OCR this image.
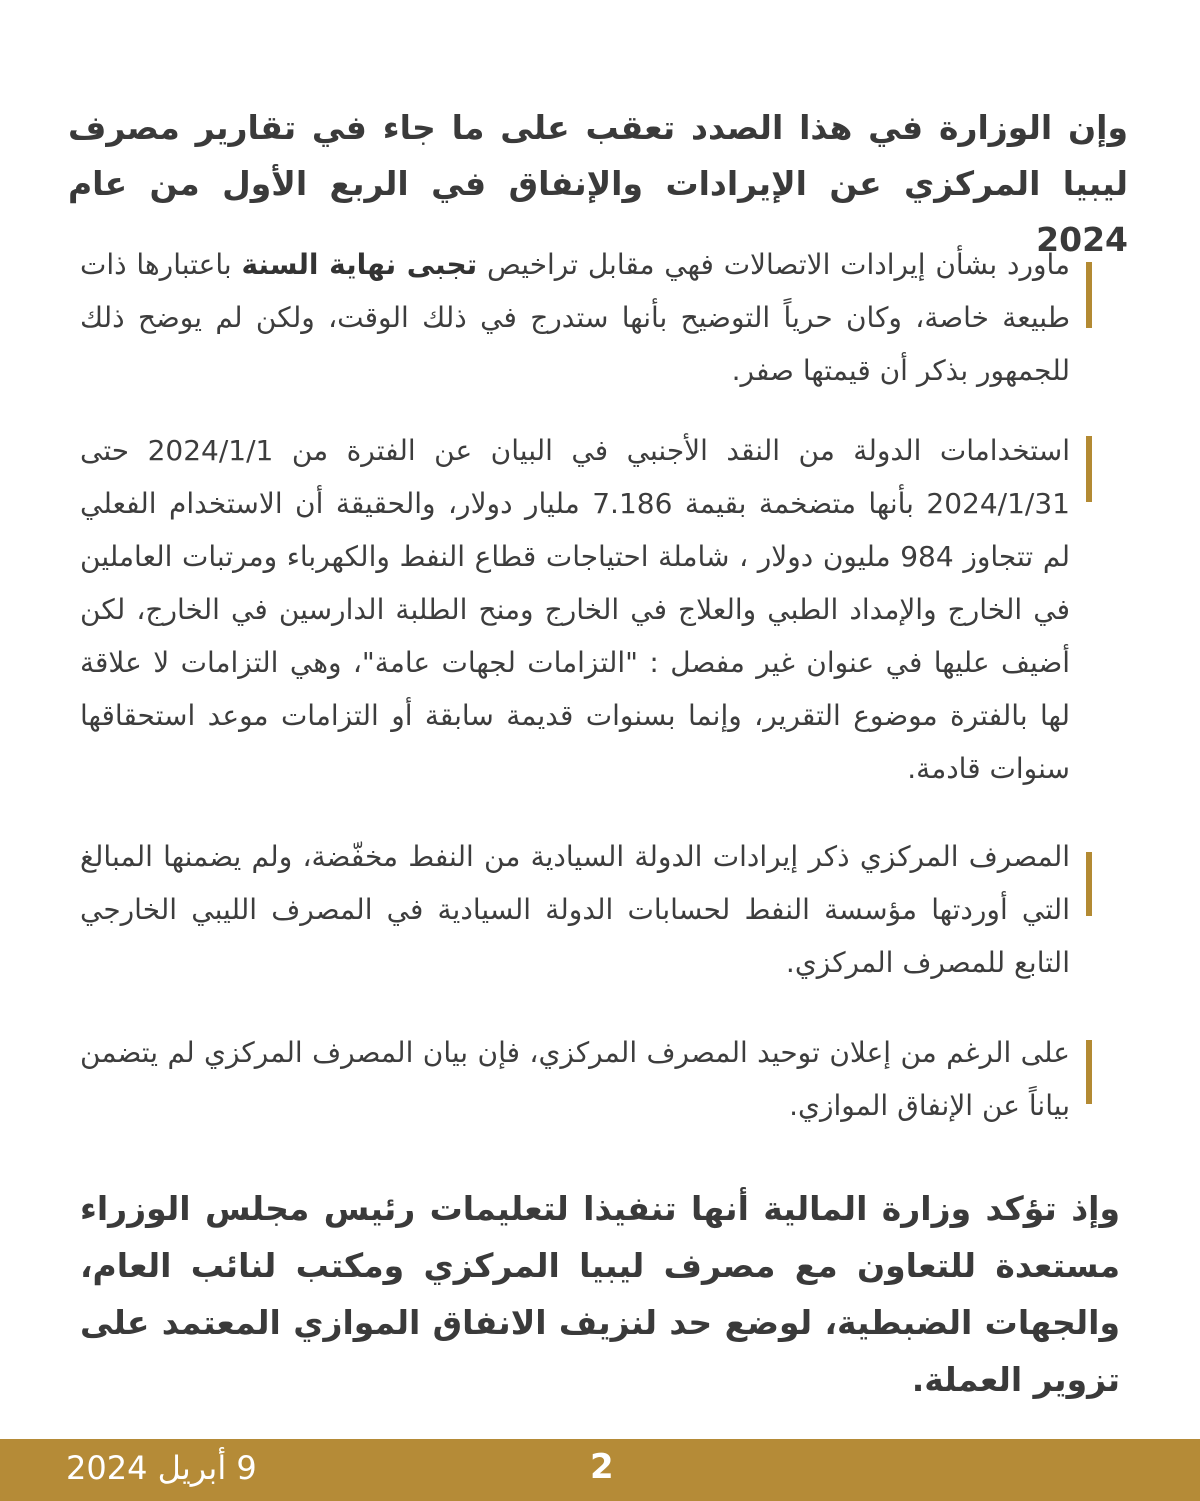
وإن الوزارة في هذا الصدد تعقب على ما جاء في تقارير مصرف ليبيا المركزي عن الإيرادات والإنفاق في الربع الأول من عام 2024
ماورد بشأن إيرادات الاتصالات فهي مقابل تراخيص تجبى نهاية السنة باعتبارها ذات طبيعة خاصة، وكان حرياً التوضيح بأنها ستدرج في ذلك الوقت، ولكن لم يوضح ذلك للجمهور بذكر أن قيمتها صفر.
استخدامات الدولة من النقد الأجنبي في البيان عن الفترة من 2024/1/1 حتى 2024/1/31 بأنها متضخمة بقيمة 7.186 مليار دولار، والحقيقة أن الاستخدام الفعلي لم تتجاوز 984 مليون دولار ، شاملة احتياجات قطاع النفط والكهرباء ومرتبات العاملين في الخارج والإمداد الطبي والعلاج في الخارج ومنح الطلبة الدارسين في الخارج، لكن أضيف عليها في عنوان غير مفصل : "التزامات لجهات عامة"، وهي التزامات لا علاقة لها بالفترة موضوع التقرير، وإنما بسنوات قديمة سابقة أو التزامات موعد استحقاقها سنوات قادمة.
المصرف المركزي ذكر إيرادات الدولة السيادية من النفط مخفّضة، ولم يضمنها المبالغ التي أوردتها مؤسسة النفط لحسابات الدولة السيادية في المصرف الليبي الخارجي التابع للمصرف المركزي.
على الرغم من إعلان توحيد المصرف المركزي، فإن بيان المصرف المركزي لم يتضمن بياناً عن الإنفاق الموازي.
وإذ تؤكد وزارة المالية أنها تنفيذا لتعليمات رئيس مجلس الوزراء مستعدة للتعاون مع مصرف ليبيا المركزي ومكتب لنائب العام، والجهات الضبطية، لوضع حد لنزيف الانفاق الموازي المعتمد على تزوير العملة.
9 أبريل 2024	2
